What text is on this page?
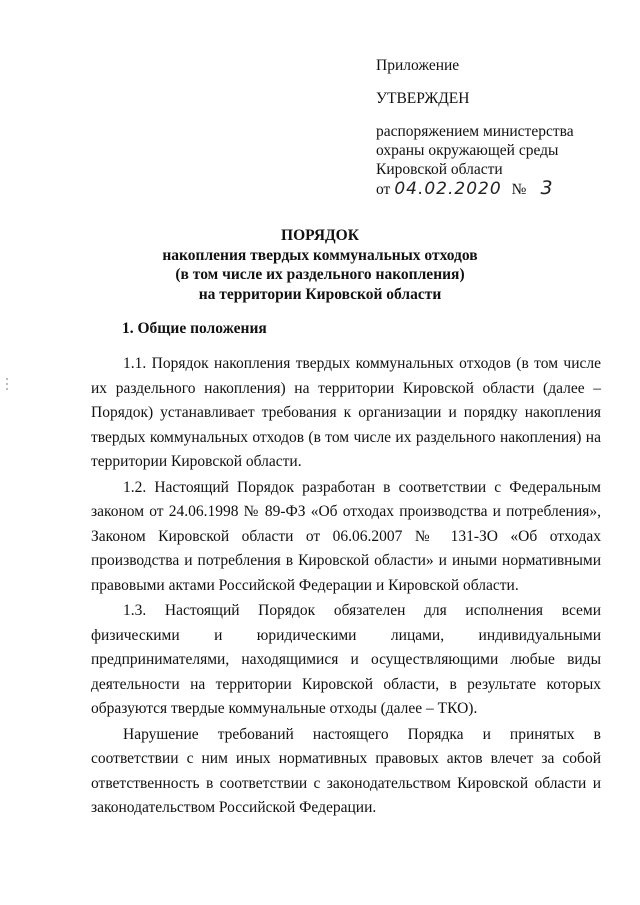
Приложение
УТВЕРЖДЕН
распоряжением министерства
охраны окружающей среды
Кировской области
от 04.02.2020 № 3
ПОРЯДОК
накопления твердых коммунальных отходов
(в том числе их раздельного накопления)
на территории Кировской области
1. Общие положения

1.1. Порядок накопления твердых коммунальных отходов (в том числе их раздельного накопления) на территории Кировской области (далее – Порядок) устанавливает требования к организации и порядку накопления твердых коммунальных отходов (в том числе их раздельного накопления) на территории Кировской области.

1.2. Настоящий Порядок разработан в соответствии с Федеральным законом от 24.06.1998 № 89-ФЗ «Об отходах производства и потребления», Законом Кировской области от 06.06.2007 № 131-ЗО «Об отходах производства и потребления в Кировской области» и иными нормативными правовыми актами Российской Федерации и Кировской области.

1.3. Настоящий Порядок обязателен для исполнения всеми физическими и юридическими лицами, индивидуальными предпринимателями, находящимися и осуществляющими любые виды деятельности на территории Кировской области, в результате которых образуются твердые коммунальные отходы (далее – ТКО).

Нарушение требований настоящего Порядка и принятых в соответствии с ним иных нормативных правовых актов влечет за собой ответственность в соответствии с законодательством Кировской области и законодательством Российской Федерации.
